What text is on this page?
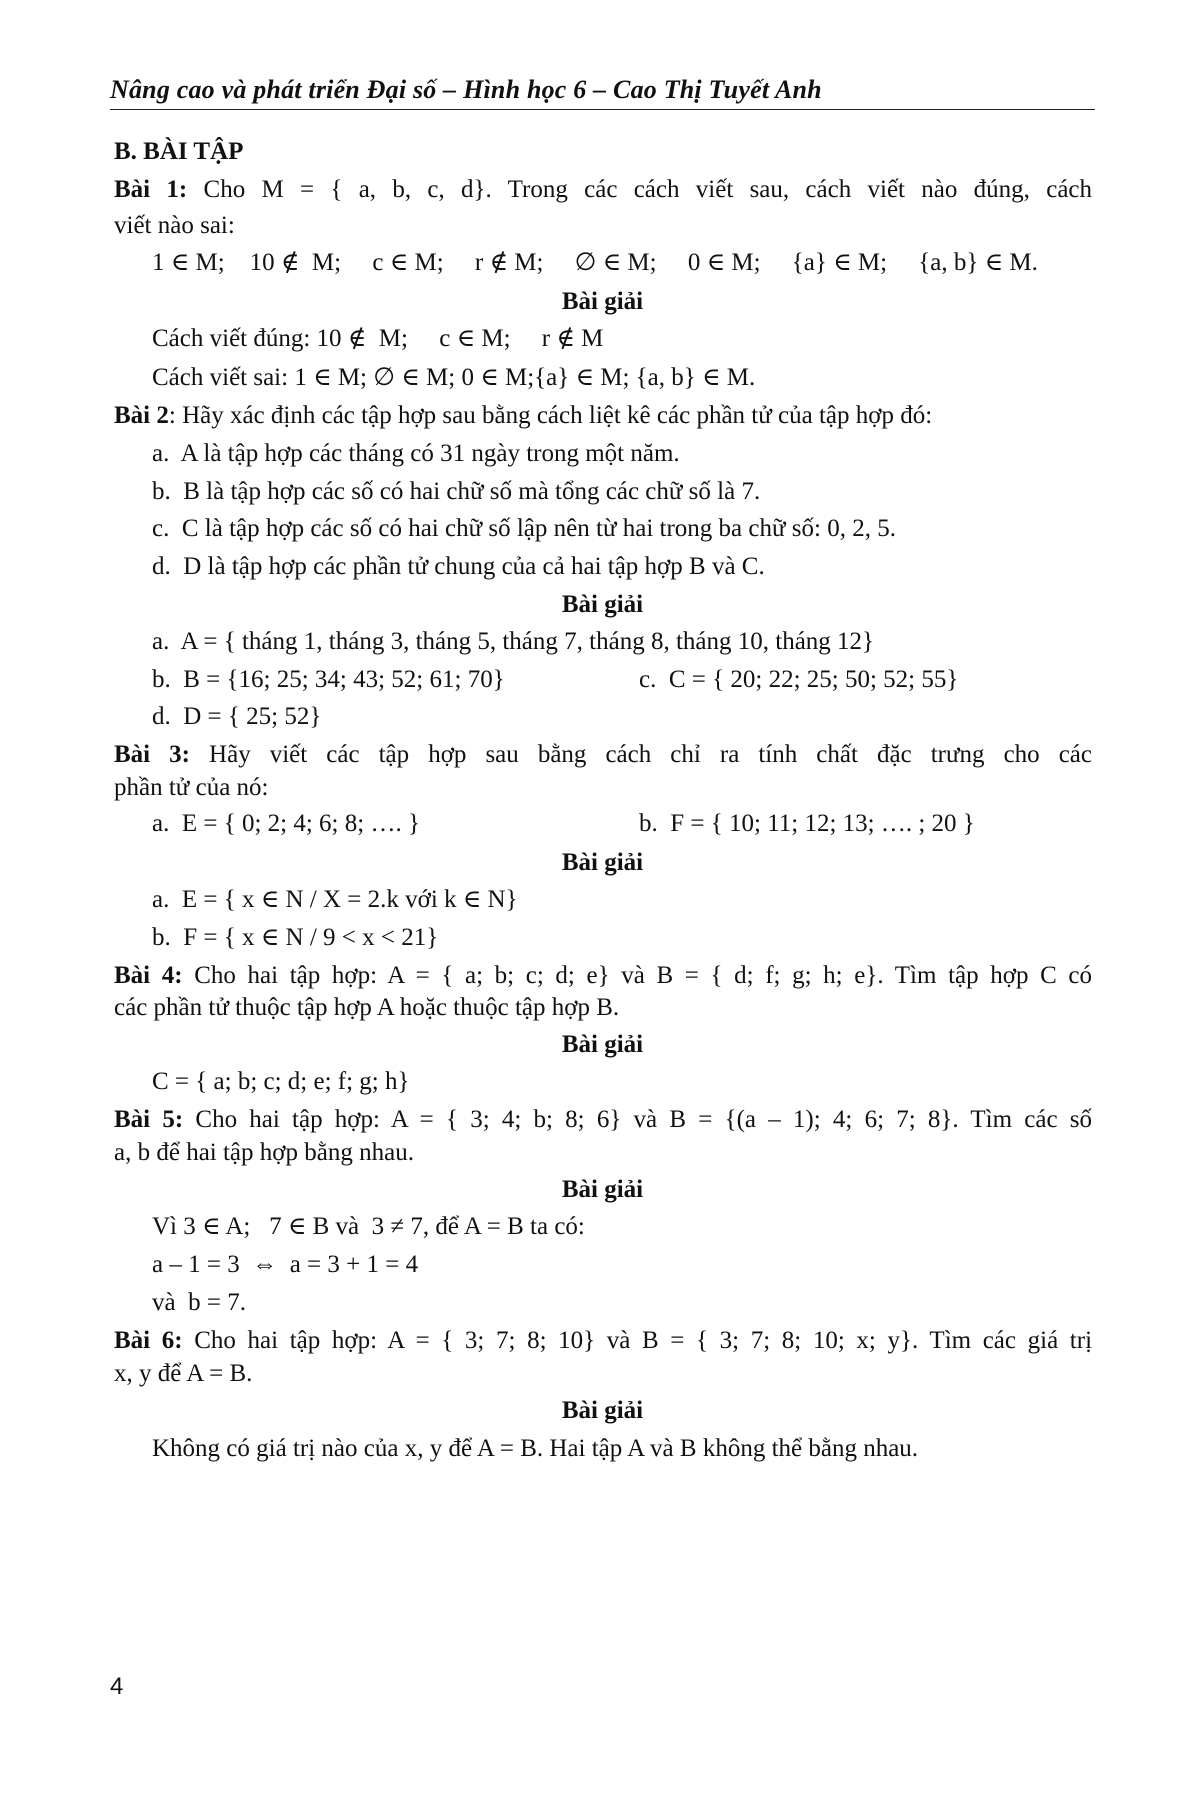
Nâng cao và phát triển Đại số – Hình học 6 – Cao Thị Tuyết Anh
B. BÀI TẬP
Bài 1: Cho M = { a, b, c, d}. Trong các cách viết sau, cách viết nào đúng, cách
viết nào sai:
1 ∈ M;    10 ∉  M;     c ∈ M;     r ∉ M;     ∅ ∈ M;     0 ∈ M;     {a} ∈ M;     {a, b} ∈ M.
Bài giải
Cách viết đúng: 10 ∉  M;     c ∈ M;     r ∉ M
Cách viết sai: 1 ∈ M; ∅ ∈ M; 0 ∈ M;{a} ∈ M; {a, b} ∈ M.
Bài 2: Hãy xác định các tập hợp sau bằng cách liệt kê các phần tử của tập hợp đó:
a.  A là tập hợp các tháng có 31 ngày trong một năm.
b.  B là tập hợp các số có hai chữ số mà tổng các chữ số là 7.
c.  C là tập hợp các số có hai chữ số lập nên từ hai trong ba chữ số: 0, 2, 5.
d.  D là tập hợp các phần tử chung của cả hai tập hợp B và C.
Bài giải
a.  A = { tháng 1, tháng 3, tháng 5, tháng 7, tháng 8, tháng 10, tháng 12}
b.  B = {16; 25; 34; 43; 52; 61; 70}	c.  C = { 20; 22; 25; 50; 52; 55}
d.  D = { 25; 52}
Bài 3: Hãy viết các tập hợp sau bằng cách chỉ ra tính chất đặc trưng cho các
phần tử của nó:
a.  E = { 0; 2; 4; 6; 8; …. }	b.  F = { 10; 11; 12; 13; …. ; 20 }
Bài giải
a.  E = { x ∈ N / X = 2.k với k ∈ N}
b.  F = { x ∈ N / 9 < x < 21}
Bài 4: Cho hai tập hợp: A = { a; b; c; d; e} và B = { d; f; g; h; e}. Tìm tập hợp C có
các phần tử thuộc tập hợp A hoặc thuộc tập hợp B.
Bài giải
C = { a; b; c; d; e; f; g; h}
Bài 5: Cho hai tập hợp: A = { 3; 4; b; 8; 6} và B = {(a – 1); 4; 6; 7; 8}. Tìm các số
a, b để hai tập hợp bằng nhau.
Bài giải
Vì 3 ∈ A;   7 ∈ B và  3 ≠ 7, để A = B ta có:
a – 1 = 3  ⇔  a = 3 + 1 = 4
và  b = 7.
Bài 6: Cho hai tập hợp: A = { 3; 7; 8; 10} và B = { 3; 7; 8; 10; x; y}. Tìm các giá trị
x, y để A = B.
Bài giải
Không có giá trị nào của x, y để A = B. Hai tập A và B không thể bằng nhau.
4
